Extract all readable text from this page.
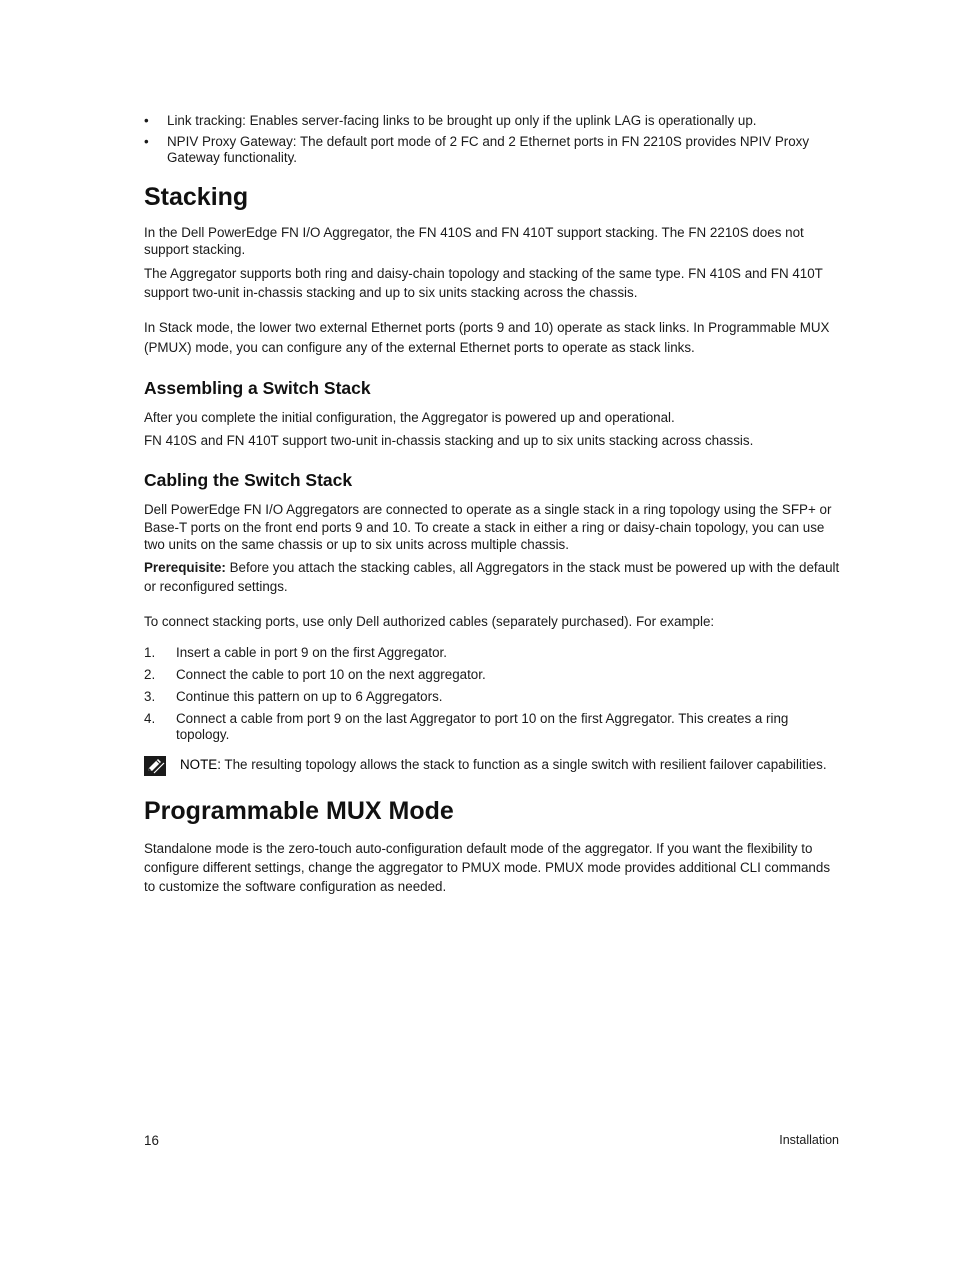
• Link tracking: Enables server-facing links to be brought up only if the uplink LAG is operationally up.
• NPIV Proxy Gateway: The default port mode of 2 FC and 2 Ethernet ports in FN 2210S provides NPIV Proxy Gateway functionality.
Stacking

In the Dell PowerEdge FN I/O Aggregator, the FN 410S and FN 410T support stacking. The FN 2210S does not support stacking.

The Aggregator supports both ring and daisy-chain topology and stacking of the same type. FN 410S and FN 410T support two-unit in-chassis stacking and up to six units stacking across the chassis.

In Stack mode, the lower two external Ethernet ports (ports 9 and 10) operate as stack links. In Programmable MUX (PMUX) mode, you can configure any of the external Ethernet ports to operate as stack links.

Assembling a Switch Stack

After you complete the initial configuration, the Aggregator is powered up and operational.

FN 410S and FN 410T support two-unit in-chassis stacking and up to six units stacking across chassis.

Cabling the Switch Stack

Dell PowerEdge FN I/O Aggregators are connected to operate as a single stack in a ring topology using the SFP+ or Base-T ports on the front end ports 9 and 10. To create a stack in either a ring or daisy-chain topology, you can use two units on the same chassis or up to six units across multiple chassis.

Prerequisite: Before you attach the stacking cables, all Aggregators in the stack must be powered up with the default or reconfigured settings.

To connect stacking ports, use only Dell authorized cables (separately purchased). For example:

1. Insert a cable in port 9 on the first Aggregator.
2. Connect the cable to port 10 on the next aggregator.
3. Continue this pattern on up to 6 Aggregators.
4. Connect a cable from port 9 on the last Aggregator to port 10 on the first Aggregator. This creates a ring topology.
NOTE: The resulting topology allows the stack to function as a single switch with resilient failover capabilities.
Programmable MUX Mode

Standalone mode is the zero-touch auto-configuration default mode of the aggregator. If you want the flexibility to configure different settings, change the aggregator to PMUX mode. PMUX mode provides additional CLI commands to customize the software configuration as needed.

16	Installation
